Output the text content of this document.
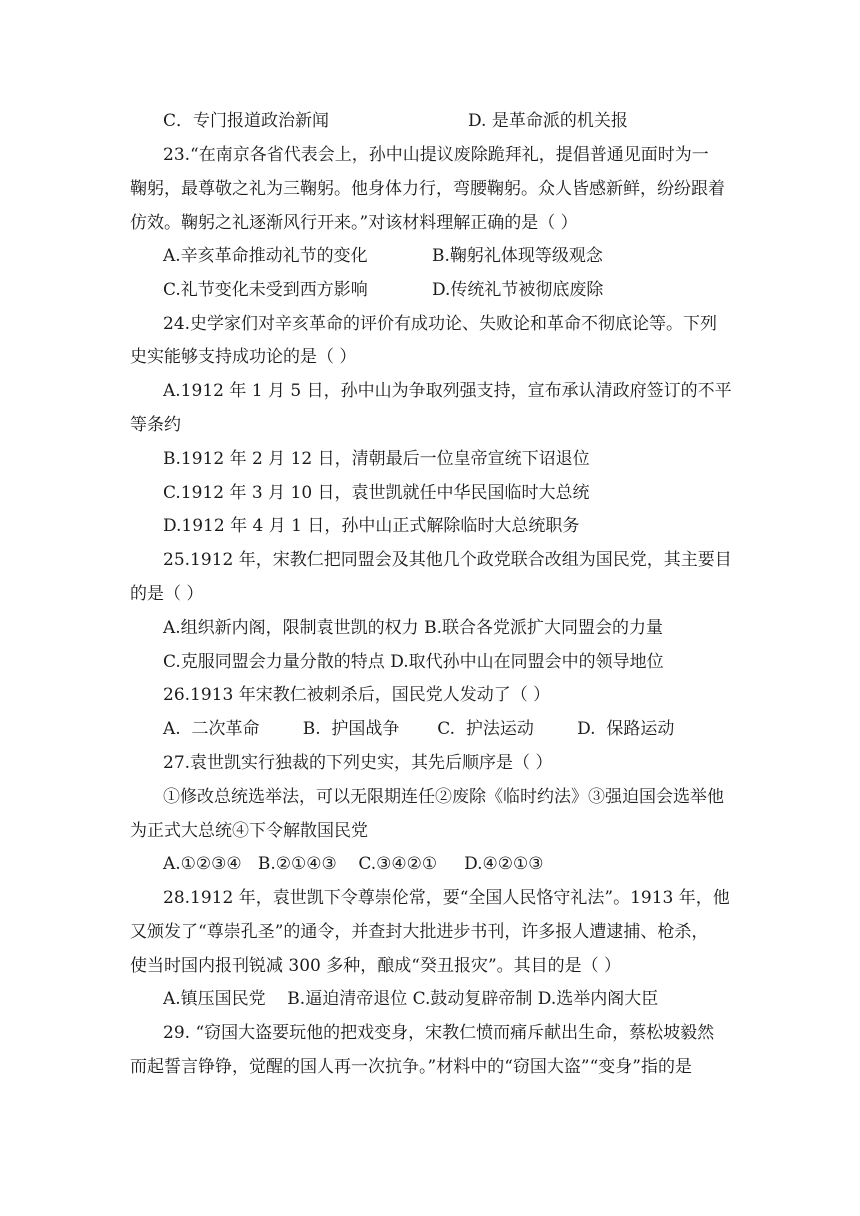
C．专门报道政治新闻	D. 是革命派的机关报
23.“在南京各省代表会上，孙中山提议废除跪拜礼，提倡普通见面时为一
鞠躬，最尊敬之礼为三鞠躬。他身体力行，弯腰鞠躬。众人皆感新鲜，纷纷跟着
仿效。鞠躬之礼逐渐风行开来。”对该材料理解正确的是（ ）
A.辛亥革命推动礼节的变化	B.鞠躬礼体现等级观念
C.礼节变化未受到西方影响	D.传统礼节被彻底废除
24.史学家们对辛亥革命的评价有成功论、失败论和革命不彻底论等。下列
史实能够支持成功论的是（ ）
A.1912 年 1 月 5 日，孙中山为争取列强支持，宣布承认清政府签订的不平
等条约
B.1912 年 2 月 12 日，清朝最后一位皇帝宣统下诏退位
C.1912 年 3 月 10 日，袁世凯就任中华民国临时大总统
D.1912 年 4 月 1 日，孙中山正式解除临时大总统职务
25.1912 年，宋教仁把同盟会及其他几个政党联合改组为国民党，其主要目
的是（ ）
A.组织新内阁，限制袁世凯的权力 B.联合各党派扩大同盟会的力量
C.克服同盟会力量分散的特点 D.取代孙中山在同盟会中的领导地位
26.1913 年宋教仁被刺杀后，国民党人发动了（ ）
A.  二次革命        B.  护国战争       C.  护法运动        D.  保路运动
27.袁世凯实行独裁的下列史实，其先后顺序是（ ）
①修改总统选举法，可以无限期连任②废除《临时约法》③强迫国会选举他
为正式大总统④下令解散国民党
A.①②③④   B.②①④③    C.③④②①     D.④②①③
28.1912 年，袁世凯下令尊崇伦常，要“全国人民恪守礼法”。1913 年，他
又颁发了“尊崇孔圣”的通令，并查封大批进步书刊，许多报人遭逮捕、枪杀，
使当时国内报刊锐减 300 多种，酿成“癸丑报灾”。其目的是（ ）
A.镇压国民党    B.逼迫清帝退位 C.鼓动复辟帝制 D.选举内阁大臣
29. “窃国大盗要玩他的把戏变身，宋教仁愤而痛斥献出生命，蔡松坡毅然
而起誓言铮铮，觉醒的国人再一次抗争。”材料中的“窃国大盗”“变身”指的是
